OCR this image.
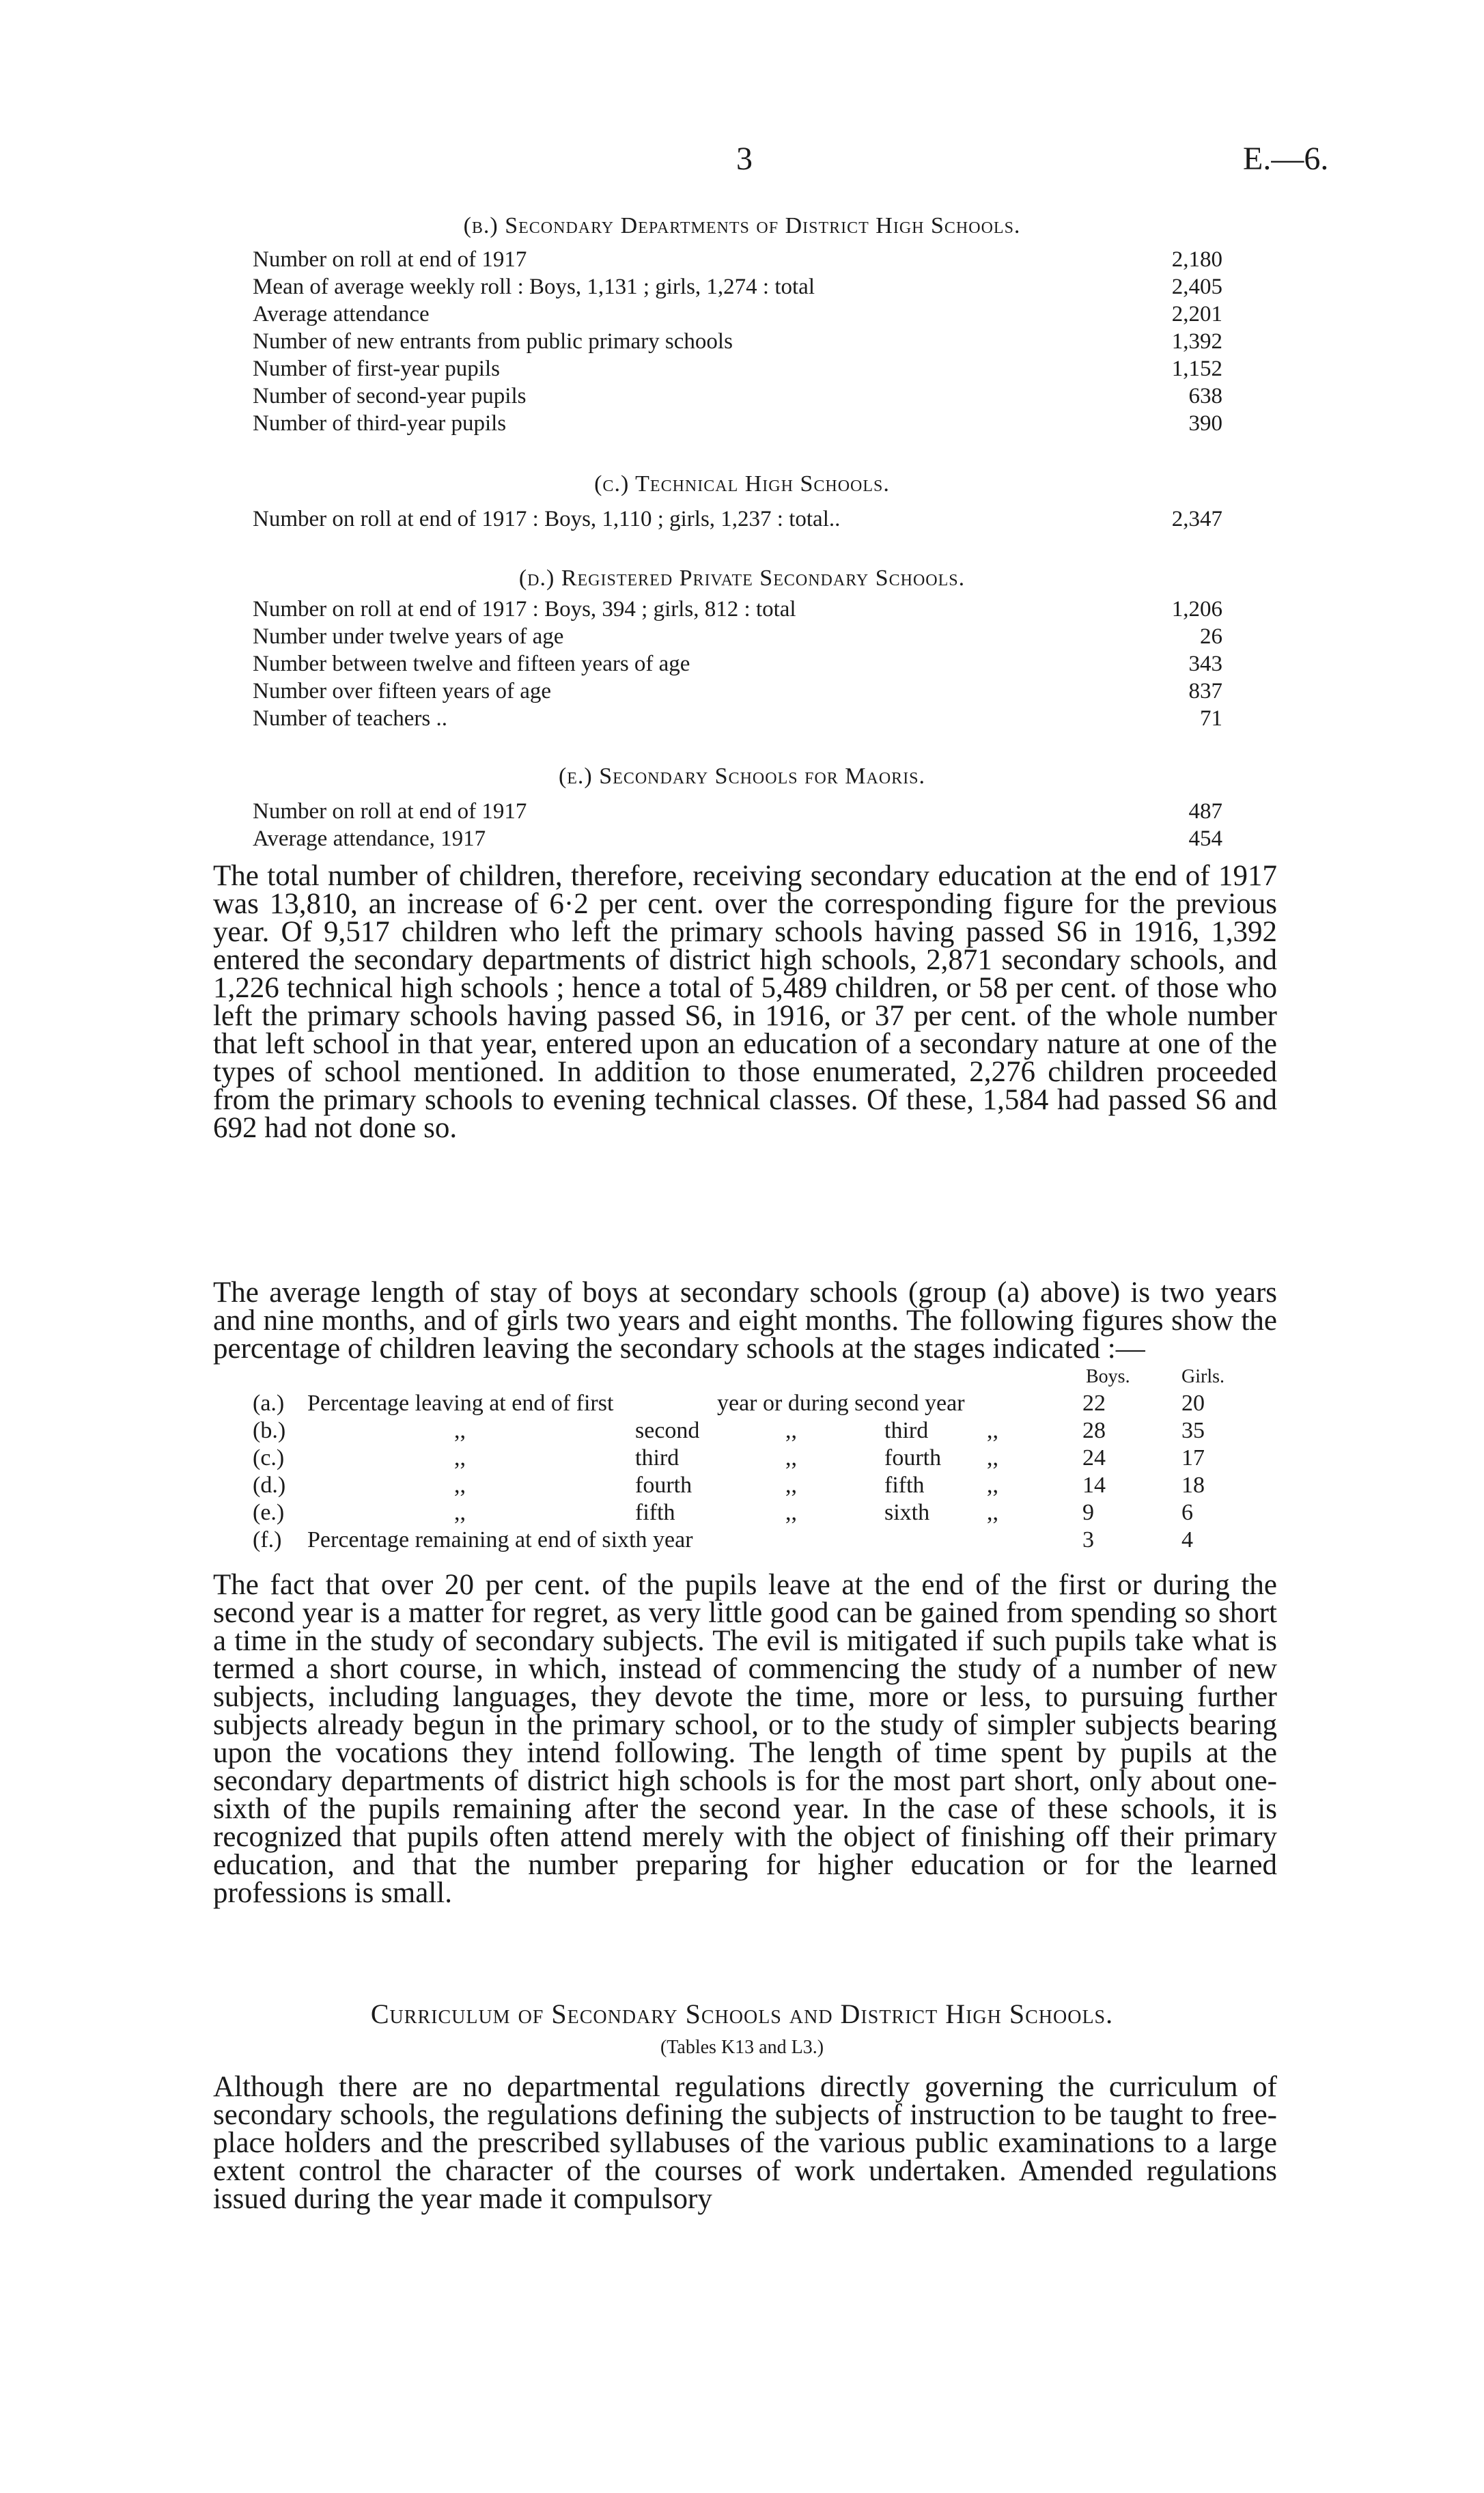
3	E.—6.
(b.) Secondary Departments of District High Schools.
Number on roll at end of 1917	2,180
Mean of average weekly roll : Boys, 1,131 ; girls, 1,274 : total	2,405
Average attendance	2,201
Number of new entrants from public primary schools	1,392
Number of first-year pupils	1,152
Number of second-year pupils	638
Number of third-year pupils	390
(c.) Technical High Schools.
Number on roll at end of 1917 : Boys, 1,110 ; girls, 1,237 : total..	2,347
(d.) Registered Private Secondary Schools.
Number on roll at end of 1917 : Boys, 394 ; girls, 812 : total	1,206
Number under twelve years of age	26
Number between twelve and fifteen years of age	343
Number over fifteen years of age	837
Number of teachers ..	71
(e.) Secondary Schools for Maoris.
Number on roll at end of 1917	487
Average attendance, 1917	454
The total number of children, therefore, receiving secondary education at the end of 1917 was 13,810, an increase of 6·2 per cent. over the corresponding figure for the previous year. Of 9,517 children who left the primary schools having passed S6 in 1916, 1,392 entered the secondary departments of district high schools, 2,871 secondary schools, and 1,226 technical high schools ; hence a total of 5,489 children, or 58 per cent. of those who left the primary schools having passed S6, in 1916, or 37 per cent. of the whole number that left school in that year, entered upon an education of a secondary nature at one of the types of school mentioned. In addition to those enumerated, 2,276 children proceeded from the primary schools to evening technical classes. Of these, 1,584 had passed S6 and 692 had not done so.
The average length of stay of boys at secondary schools (group (a) above) is two years and nine months, and of girls two years and eight months. The following figures show the percentage of children leaving the secondary schools at the stages indicated :—
Boys.	Girls.
(a.) Percentage leaving at end of first	year or during second year	22	20
(b.)	,,	second	,,	third	,,	28	35
(c.)	,,	third	,,	fourth ,,	24	17
(d.)	,,	fourth	,,	fifth	,,	14	18
(e.)	,,	fifth	,,	sixth ,,	9	6
(f.) Percentage remaining at end of sixth year	3	4
The fact that over 20 per cent. of the pupils leave at the end of the first or during the second year is a matter for regret, as very little good can be gained from spending so short a time in the study of secondary subjects. The evil is mitigated if such pupils take what is termed a short course, in which, instead of commencing the study of a number of new subjects, including languages, they devote the time, more or less, to pursuing further subjects already begun in the primary school, or to the study of simpler subjects bearing upon the vocations they intend following. The length of time spent by pupils at the secondary departments of district high schools is for the most part short, only about one-sixth of the pupils remaining after the second year. In the case of these schools, it is recognized that pupils often attend merely with the object of finishing off their primary education, and that the number preparing for higher education or for the learned professions is small.
Curriculum of Secondary Schools and District High Schools.
(Tables K13 and L3.)
Although there are no departmental regulations directly governing the curriculum of secondary schools, the regulations defining the subjects of instruction to be taught to free-place holders and the prescribed syllabuses of the various public examinations to a large extent control the character of the courses of work undertaken. Amended regulations issued during the year made it compulsory
